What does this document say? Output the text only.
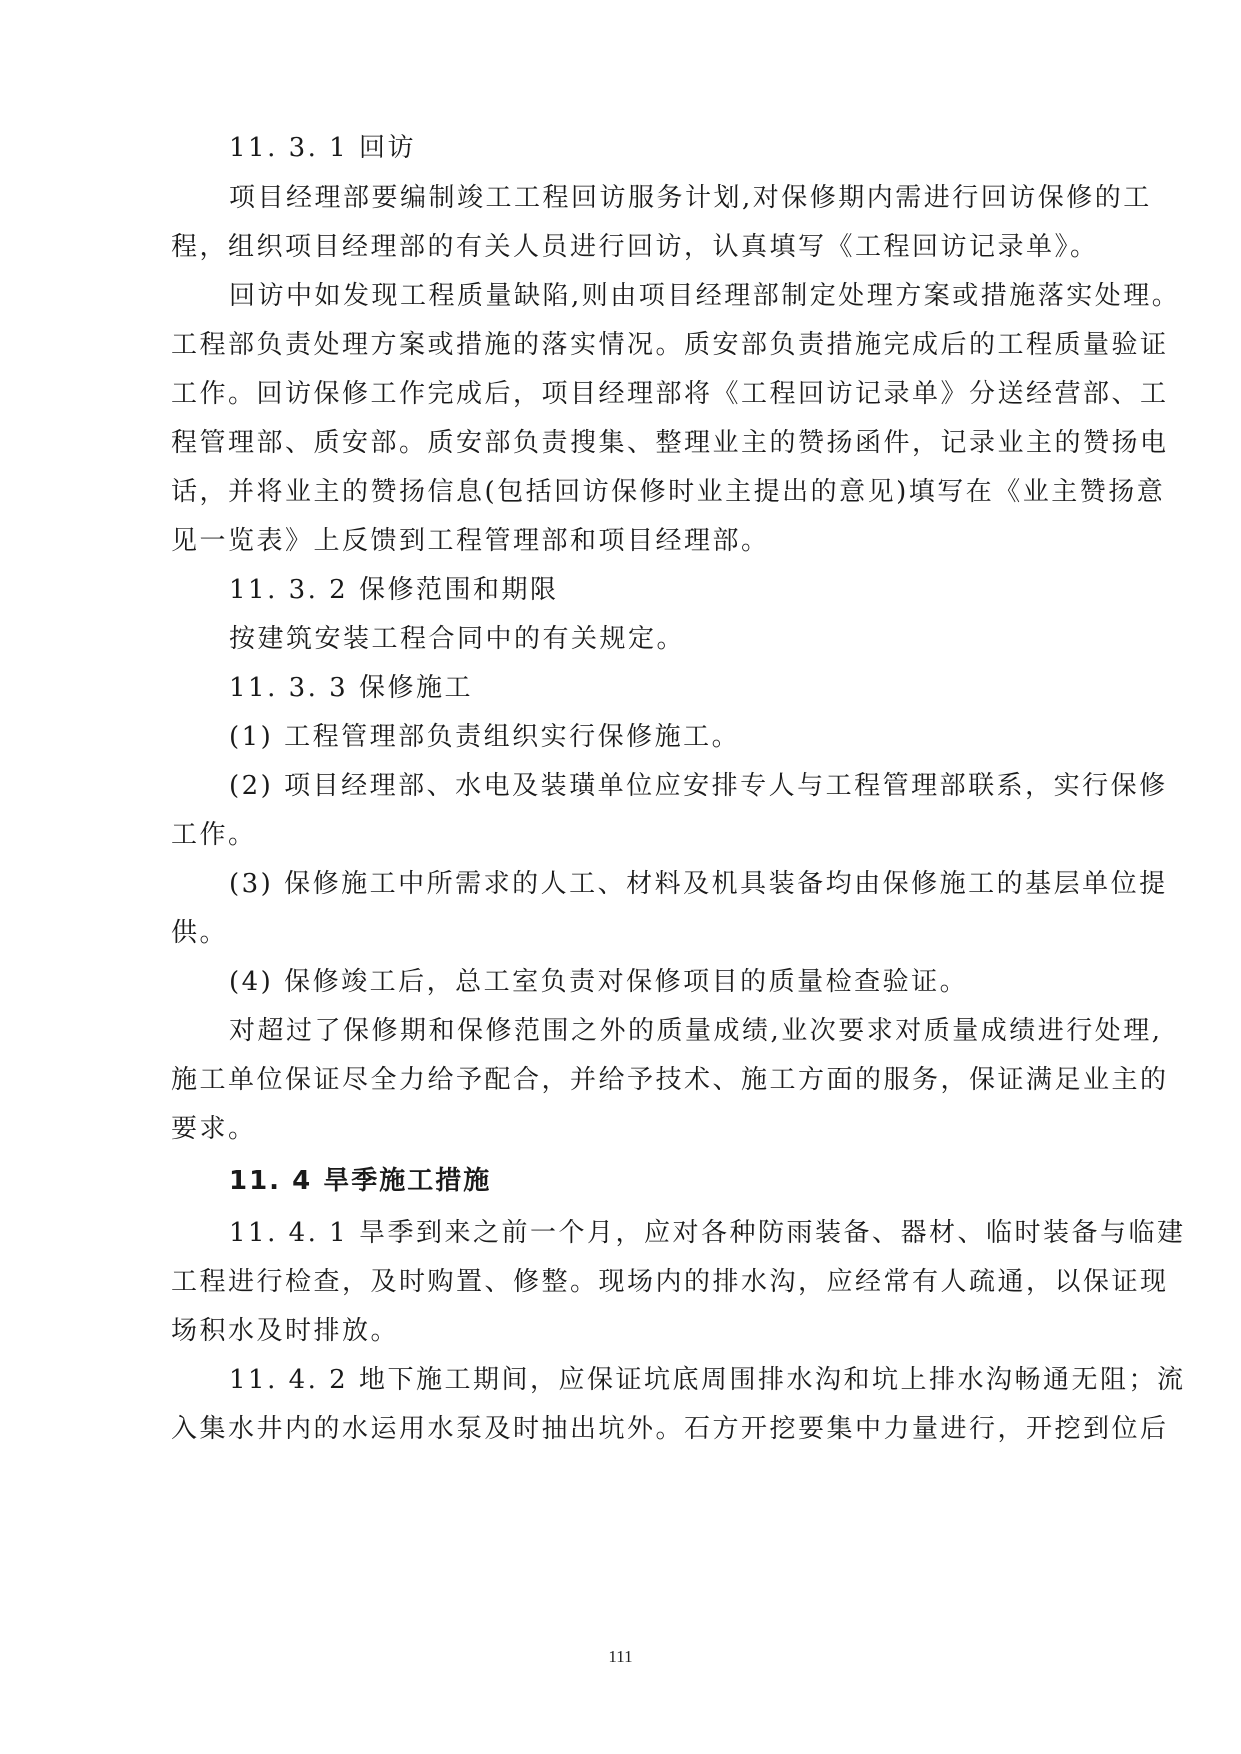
11. 3. 1 回访
项目经理部要编制竣工工程回访服务计划,对保修期内需进行回访保修的工
程，组织项目经理部的有关人员进行回访，认真填写《工程回访记录单》。
回访中如发现工程质量缺陷,则由项目经理部制定处理方案或措施落实处理。
工程部负责处理方案或措施的落实情况。质安部负责措施完成后的工程质量验证
工作。回访保修工作完成后，项目经理部将《工程回访记录单》分送经营部、工
程管理部、质安部。质安部负责搜集、整理业主的赞扬函件，记录业主的赞扬电
话，并将业主的赞扬信息(包括回访保修时业主提出的意见)填写在《业主赞扬意
见一览表》上反馈到工程管理部和项目经理部。
11. 3. 2 保修范围和期限
按建筑安装工程合同中的有关规定。
11. 3. 3 保修施工
(1) 工程管理部负责组织实行保修施工。
(2) 项目经理部、水电及装璜单位应安排专人与工程管理部联系，实行保修
工作。
(3) 保修施工中所需求的人工、材料及机具装备均由保修施工的基层单位提
供。
(4) 保修竣工后，总工室负责对保修项目的质量检查验证。
对超过了保修期和保修范围之外的质量成绩,业次要求对质量成绩进行处理,
施工单位保证尽全力给予配合，并给予技术、施工方面的服务，保证满足业主的
要求。
11. 4 旱季施工措施
11. 4. 1 旱季到来之前一个月，应对各种防雨装备、器材、临时装备与临建
工程进行检查，及时购置、修整。现场内的排水沟，应经常有人疏通，以保证现
场积水及时排放。
11. 4. 2 地下施工期间，应保证坑底周围排水沟和坑上排水沟畅通无阻；流
入集水井内的水运用水泵及时抽出坑外。石方开挖要集中力量进行，开挖到位后
111
